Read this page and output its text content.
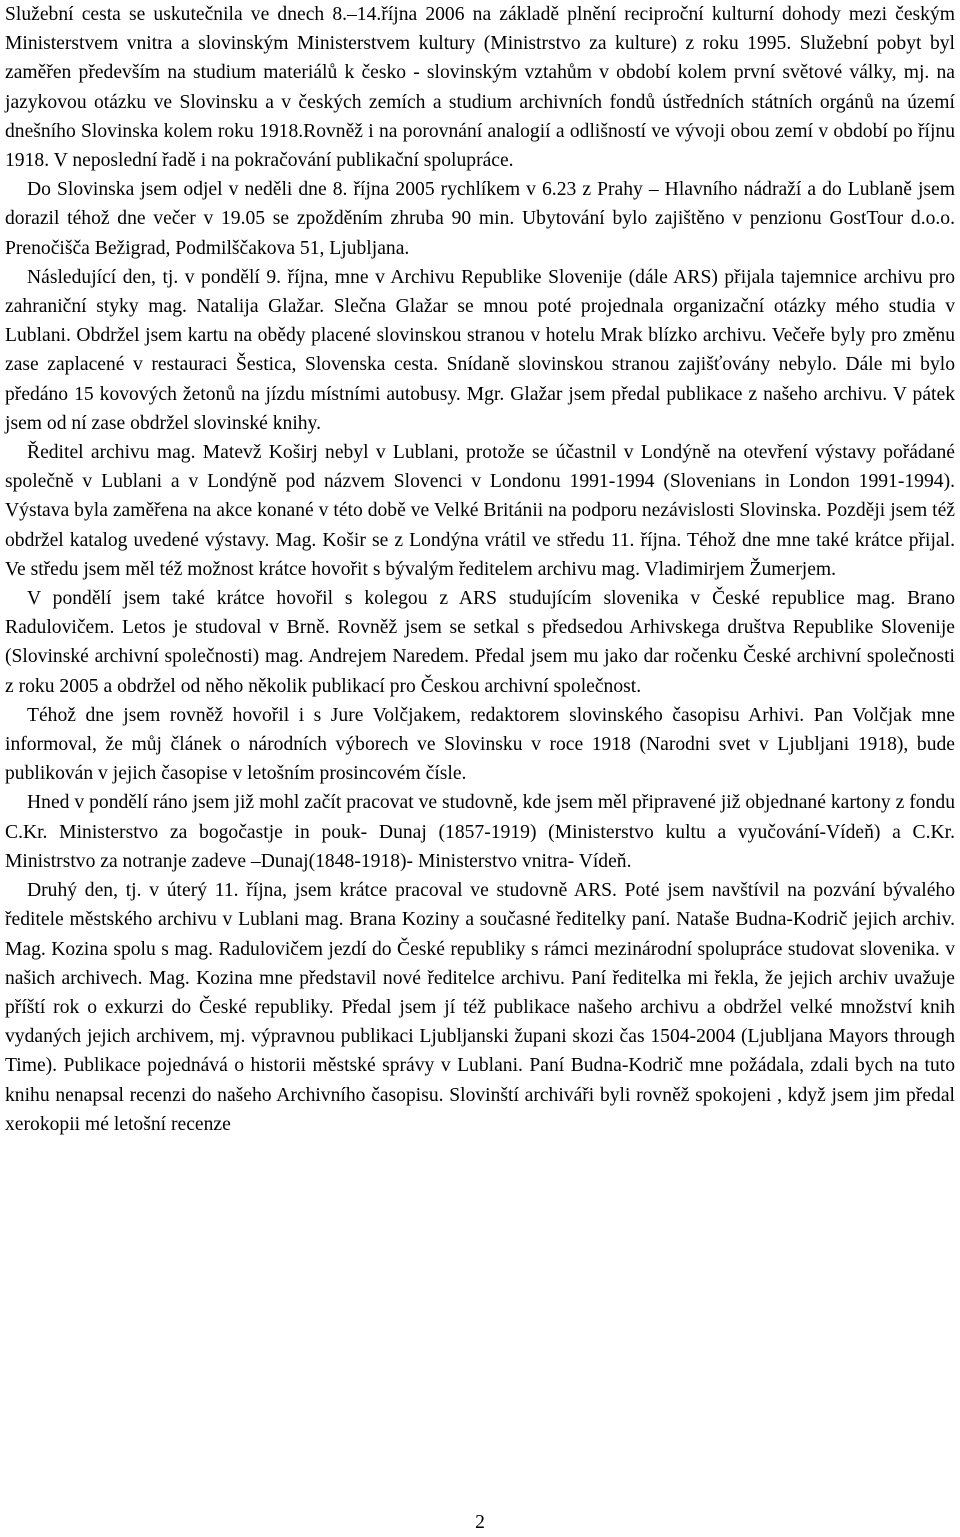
Služební cesta se uskutečnila ve dnech 8.–14.října 2006 na základě plnění reciproční kulturní dohody mezi českým Ministerstvem vnitra a slovinským Ministerstvem kultury (Ministrstvo za kulture) z roku 1995. Služební pobyt byl zaměřen především na studium materiálů k česko - slovinským vztahům v období kolem první světové války, mj. na jazykovou otázku ve Slovinsku a v českých zemích a studium archivních fondů ústředních státních orgánů na území dnešního Slovinska kolem roku 1918.Rovněž i na porovnání analogií a odlišností ve vývoji obou zemí v období po říjnu 1918. V neposlední řadě i na pokračování publikační spolupráce.

Do Slovinska jsem odjel v neděli dne 8. října 2005 rychlíkem v 6.23 z Prahy – Hlavního nádraží a do Lublaně jsem dorazil téhož dne večer v 19.05 se zpožděním zhruba 90 min. Ubytování bylo zajištěno v penzionu GostTour d.o.o. Prenočišča Bežigrad, Podmilščakova 51, Ljubljana.

Následující den, tj. v pondělí 9. října, mne v Archivu Republike Slovenije (dále ARS) přijala tajemnice archivu pro zahraniční styky mag. Natalija Glažar. Slečna Glažar se mnou poté projednala organizační otázky mého studia v Lublani. Obdržel jsem kartu na obědy placené slovinskou stranou v hotelu Mrak blízko archivu. Večeře byly pro změnu zase zaplacené v restauraci Šestica, Slovenska cesta. Snídaně slovinskou stranou zajišťovány nebylo. Dále mi bylo předáno 15 kovových žetonů na jízdu místními autobusy. Mgr. Glažar jsem předal publikace z našeho archivu. V pátek jsem od ní zase obdržel slovinské knihy.

Ředitel archivu mag. Matevž Koširj nebyl v Lublani, protože se účastnil v Londýně na otevření výstavy pořádané společně v Lublani a v Londýně pod názvem Slovenci v Londonu 1991-1994 (Slovenians in London 1991-1994). Výstava byla zaměřena na akce konané v této době ve Velké Británii na podporu nezávislosti Slovinska. Později jsem též obdržel katalog uvedené výstavy. Mag. Košir se z Londýna vrátil ve středu 11. října. Téhož dne mne také krátce přijal. Ve středu jsem měl též možnost krátce hovořit s bývalým ředitelem archivu mag. Vladimirjem Žumerjem.

V pondělí jsem také krátce hovořil s kolegou z ARS studujícím slovenika v České republice mag. Brano Radulovičem. Letos je studoval v Brně. Rovněž jsem se setkal s předsedou Arhivskega društva Republike Slovenije (Slovinské archivní společnosti) mag. Andrejem Naredem. Předal jsem mu jako dar ročenku České archivní společnosti z roku 2005 a obdržel od něho několik publikací pro Českou archivní společnost.

Téhož dne jsem rovněž hovořil i s Jure Volčjakem, redaktorem slovinského časopisu Arhivi. Pan Volčjak mne informoval, že můj článek o národních výborech ve Slovinsku v roce 1918 (Narodni svet v Ljubljani 1918), bude publikován v jejich časopise v letošním prosincovém čísle.

Hned v pondělí ráno jsem již mohl začít pracovat ve studovně, kde jsem měl připravené již objednané kartony z fondu C.Kr. Ministerstvo za bogočastje in pouk- Dunaj (1857-1919) (Ministerstvo kultu a vyučování-Vídeň) a C.Kr. Ministrstvo za notranje zadeve –Dunaj(1848-1918)- Ministerstvo vnitra- Vídeň.

Druhý den, tj. v úterý 11. října, jsem krátce pracoval ve studovně ARS. Poté jsem navštívil na pozvání bývalého ředitele městského archivu v Lublani mag. Brana Koziny a současné ředitelky paní. Nataše Budna-Kodrič jejich archiv. Mag. Kozina spolu s mag. Radulovičem jezdí do České republiky s rámci mezinárodní spolupráce studovat slovenika. v našich archivech. Mag. Kozina mne představil nové ředitelce archivu. Paní ředitelka mi řekla, že jejich archiv uvažuje příští rok o exkurzi do České republiky. Předal jsem jí též publikace našeho archivu a obdržel velké množství knih vydaných jejich archivem, mj. výpravnou publikaci Ljubljanski župani skozi čas 1504-2004 (Ljubljana Mayors through Time). Publikace pojednává o historii městské správy v Lublani. Paní Budna-Kodrič mne požádala, zdali bych na tuto knihu nenapsal recenzi do našeho Archivního časopisu. Slovinští archiváři byli rovněž spokojeni , když jsem jim předal xerokopii mé letošní recenze

2
